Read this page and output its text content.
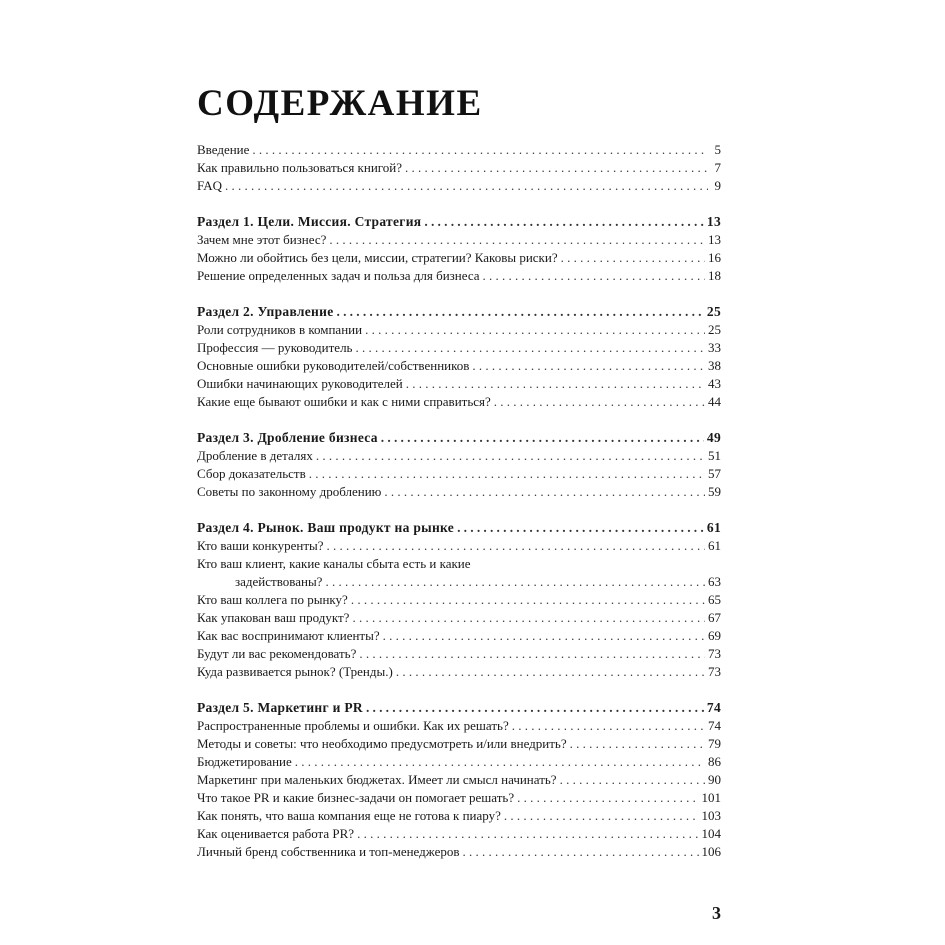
СОДЕРЖАНИЕ
Введение . . .	5
Как правильно пользоваться книгой? . . .	7
FAQ . . .	9
Раздел 1. Цели. Миссия. Стратегия .....	13
Зачем мне этот бизнес? . . .	13
Можно ли обойтись без цели, миссии, стратегии? Каковы риски? . . .	16
Решение определенных задач и польза для бизнеса . . .	18
Раздел 2. Управление .....	25
Роли сотрудников в компании . . .	25
Профессия — руководитель . . .	33
Основные ошибки руководителей/собственников . . .	38
Ошибки начинающих руководителей . . .	43
Какие еще бывают ошибки и как с ними справиться? . . .	44
Раздел 3. Дробление бизнеса .....	49
Дробление в деталях . . .	51
Сбор доказательств . . .	57
Советы по законному дроблению . . .	59
Раздел 4. Рынок. Ваш продукт на рынке .....	61
Кто ваши конкуренты? . . .	61
Кто ваш клиент, какие каналы сбыта есть и какие
задействованы? . . .	63
Кто ваш коллега по рынку? . . .	65
Как упакован ваш продукт? . . .	67
Как вас воспринимают клиенты? . . .	69
Будут ли вас рекомендовать? . . .	73
Куда развивается рынок? (Тренды.) . . .	73
Раздел 5. Маркетинг и PR .....	74
Распространенные проблемы и ошибки. Как их решать? . . .	74
Методы и советы: что необходимо предусмотреть и/или внедрить? . . .	79
Бюджетирование . . .	86
Маркетинг при маленьких бюджетах. Имеет ли смысл начинать? . . .	90
Что такое PR и какие бизнес-задачи он помогает решать? . . .	101
Как понять, что ваша компания еще не готова к пиару? . . .	103
Как оценивается работа PR? . . .	104
Личный бренд собственника и топ-менеджеров . . .	106
3
